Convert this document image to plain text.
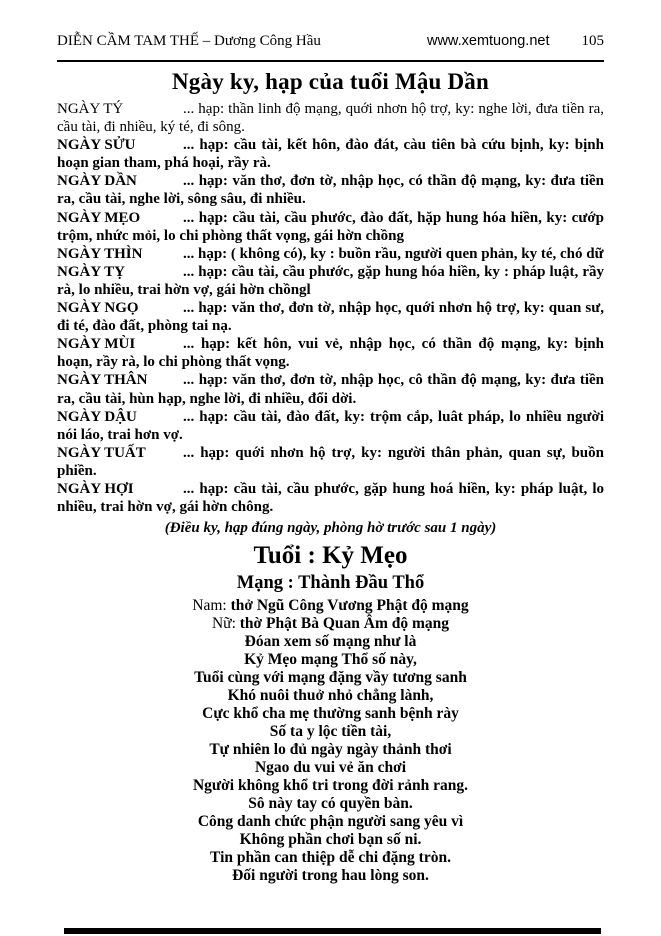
DIỄN CẦM TAM THẾ – Dương Công Hầu	www.xemtuong.net 105
Ngày ky, hạp của tuổi Mậu Dần

NGÀY TÝ	... hạp: thần linh độ mạng, quới nhơn hộ trợ, ky: nghe lời, đưa tiền ra, cầu tài, đi nhiều, ký té, đi sông.

NGÀY SỬU	... hạp: cầu tài, kết hôn, đào đát, càu tiên bà cứu bịnh, ky: bịnh hoạn gian tham, phá hoại, rầy rà.

NGÀY DẦN	... hạp: văn thơ, đơn tờ, nhập học, có thần độ mạng, ky: đưa tiền ra, cầu tài, nghe lời, sông sâu, đi nhiều.

NGÀY MẸO	... hạp: cầu tài, cầu phước, đào đất, hặp hung hóa hiền, ky: cướp trộm, nhức mỏi, lo chi phòng thất vọng, gái hờn chồng

NGÀY THÌN	... hạp: ( không có), ky : buồn rầu, người quen phản, ky té, chó dữ

NGÀY TỴ	... hạp: cầu tài, cầu phước, gặp hung hóa hiền, ky : pháp luật, rầy rà, lo nhiều, trai hờn vợ, gái hờn chồngl

NGÀY NGỌ	... hạp: văn thơ, đơn tờ, nhập học, quới nhơn hộ trợ, ky: quan sư, đi té, đào đất, phòng tai nạ.

NGÀY MÙI	... hạp: kết hôn, vui vẻ, nhập học, có thần độ mạng, ky: bịnh hoạn, rầy rà, lo chi phòng thất vọng.

NGÀY THÂN ... hạp: văn thơ, đơn tờ, nhập học, cô thần độ mạng, ky: đưa tiền ra, cầu tài, hùn hạp, nghe lời, đi nhiều, đổi dời.

NGÀY DẬU	... hạp: cầu tài, đào đất, ky: trộm cắp, luât pháp, lo nhiều người nói láo, trai hơn vợ.

NGÀY TUẤT ... hạp: quới nhơn hộ trợ, ky: người thân phản, quan sự, buồn phiền.

NGÀY HỢI	... hạp: cầu tài, cầu phước, gặp hung hoá hiền, ky: pháp luật, lo nhiều, trai hờn vợ, gái hờn chông.

(Điều ky, hạp đúng ngày, phòng hờ trước sau 1 ngày)
Tuổi : Kỷ Mẹo
Mạng : Thành Đầu Thổ
Nam: thở Ngũ Công Vương Phật độ mạng
Nữ: thờ Phật Bà Quan Âm độ mạng
Đóan xem số mạng như là
Kỷ Mẹo mạng Thổ số này,
Tuổi cùng với mạng đặng vầy tương sanh
Khó nuôi thuở nhỏ chẳng lành,
Cực khổ cha mẹ thường sanh bệnh rày
Số ta y lộc tiền tài,
Tự nhiên lo đủ ngày ngày thảnh thơi
Ngao du vui vẻ ăn chơi
Người không khổ tri trong đời rảnh rang.
Sô này tay có quyền bàn.
Công danh chức phận người sang yêu vì
Không phần chơi bạn số ni.
Tin phần can thiệp dễ chi đặng tròn.
Đối người trong hau lòng son.
